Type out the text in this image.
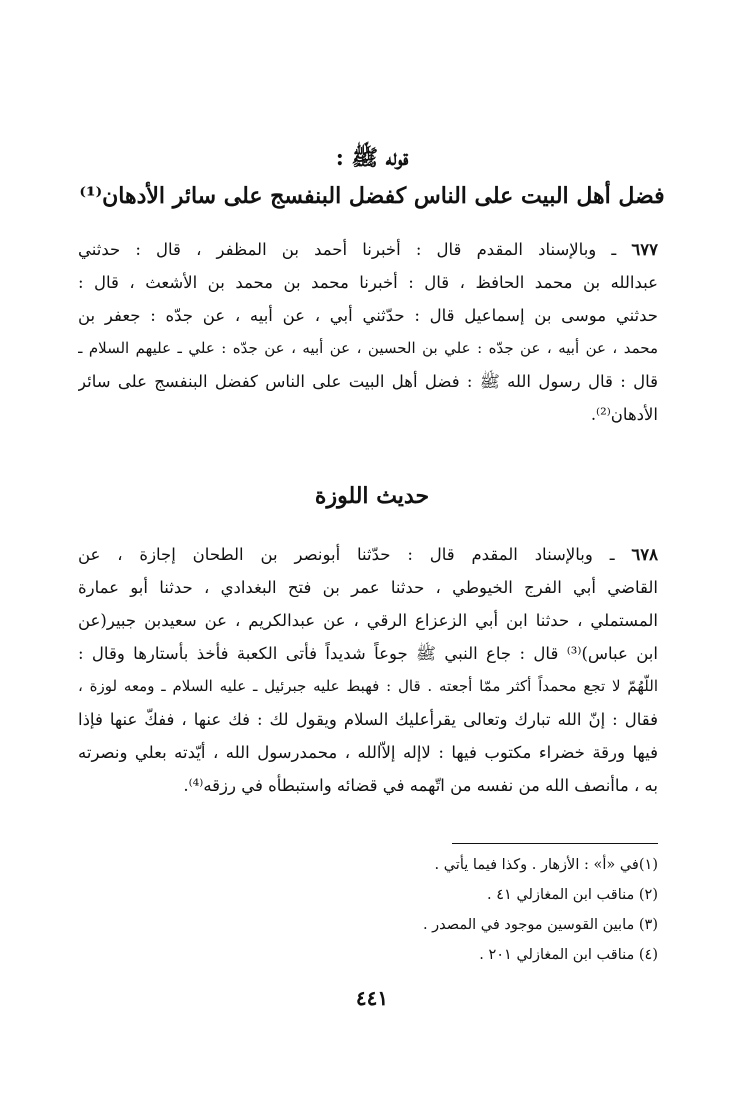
قوله ﷺ :
فضل أهل البيت على الناس كفضل البنفسج على سائر الأدهان⁽¹⁾
٦٧٧ ـ وبالإسناد المقدم قال : أخبرنا أحمد بن المظفر ، قال : حدثني
عبدالله بن محمد الحافظ ، قال : أخبرنا محمد بن محمد بن الأشعث ، قال :
حدثني موسى بن إسماعيل قال : حدّثني أبي ، عن أبيه ، عن جدّه : جعفر بن
محمد ، عن أبيه ، عن جدّه : علي بن الحسين ، عن أبيه ، عن جدّه : علي ـ عليهم السلام ـ
قال : قال رسول الله ﷺ : فضل أهل البيت على الناس كفضل البنفسج على سائر
الأدهان⁽²⁾.
حديث اللوزة
٦٧٨ ـ وبالإسناد المقدم قال : حدّثنا أبونصر بن الطحان إجازة ، عن
القاضي أبي الفرج الخيوطي ، حدثنا عمر بن فتح البغدادي ، حدثنا أبو عمارة
المستملي ، حدثنا ابن أبي الزعزاع الرقي ، عن عبدالكريم ، عن سعيدبن جبير(عن
ابن عباس)⁽³⁾ قال : جاع النبي ﷺ جوعاً شديداً فأتى الكعبة فأخذ بأستارها وقال :
اللّهُمّ لا تجع محمداً أكثر ممّا أجعته . قال : فهبط عليه جبرئيل ـ عليه السلام ـ ومعه لوزة ،
فقال : إنّ الله تبارك وتعالى يقرأعليك السلام ويقول لك : فك عنها ، ففكّ عنها فإذا
فيها ورقة خضراء مكتوب فيها : لاإله إلاّالله ، محمدرسول الله ، أيّدته بعلي ونصرته
به ، ماأنصف الله من نفسه من اتّهمه في قضائه واستبطأه في رزقه⁽⁴⁾.
(١)في «أ» : الأزهار . وكذا فيما يأتي .
(٢) مناقب ابن المغازلي ٤١ .
(٣) مابين القوسين موجود في المصدر .
(٤) مناقب ابن المغازلي ٢٠١ .
٤٤١
